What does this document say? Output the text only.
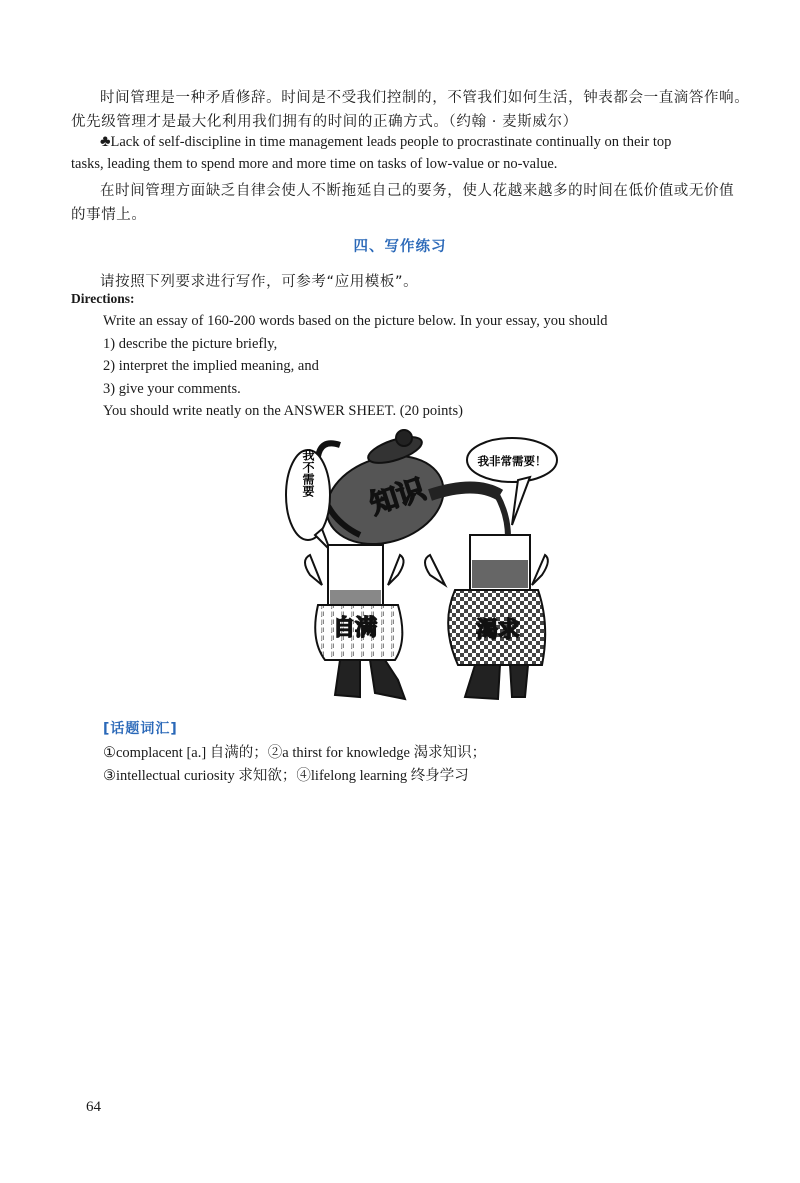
时间管理是一种矛盾修辞。时间是不受我们控制的，不管我们如何生活，钟表都会一直滴答作响。
优先级管理才是最大化利用我们拥有的时间的正确方式。（约翰 · 麦斯威尔）
♣Lack of self-discipline in time management leads people to procrastinate continually on their top
tasks, leading them to spend more and more time on tasks of low-value or no-value.
在时间管理方面缺乏自律会使人不断拖延自己的要务，使人花越来越多的时间在低价值或无价值
的事情上。
四、写作练习
请按照下列要求进行写作，可参考“应用模板”。
Directions:
Write an essay of 160-200 words based on the picture below. In your essay, you should
1) describe the picture briefly,
2) interpret the implied meaning, and
3) give your comments.
You should write neatly on the ANSWER SHEET. (20 points)
知识
我不需要	我非常需要！
自满	渴求
[话题词汇]
①complacent [a.] 自满的；②a thirst for knowledge 渴求知识；
③intellectual curiosity 求知欲；④lifelong learning 终身学习
64
